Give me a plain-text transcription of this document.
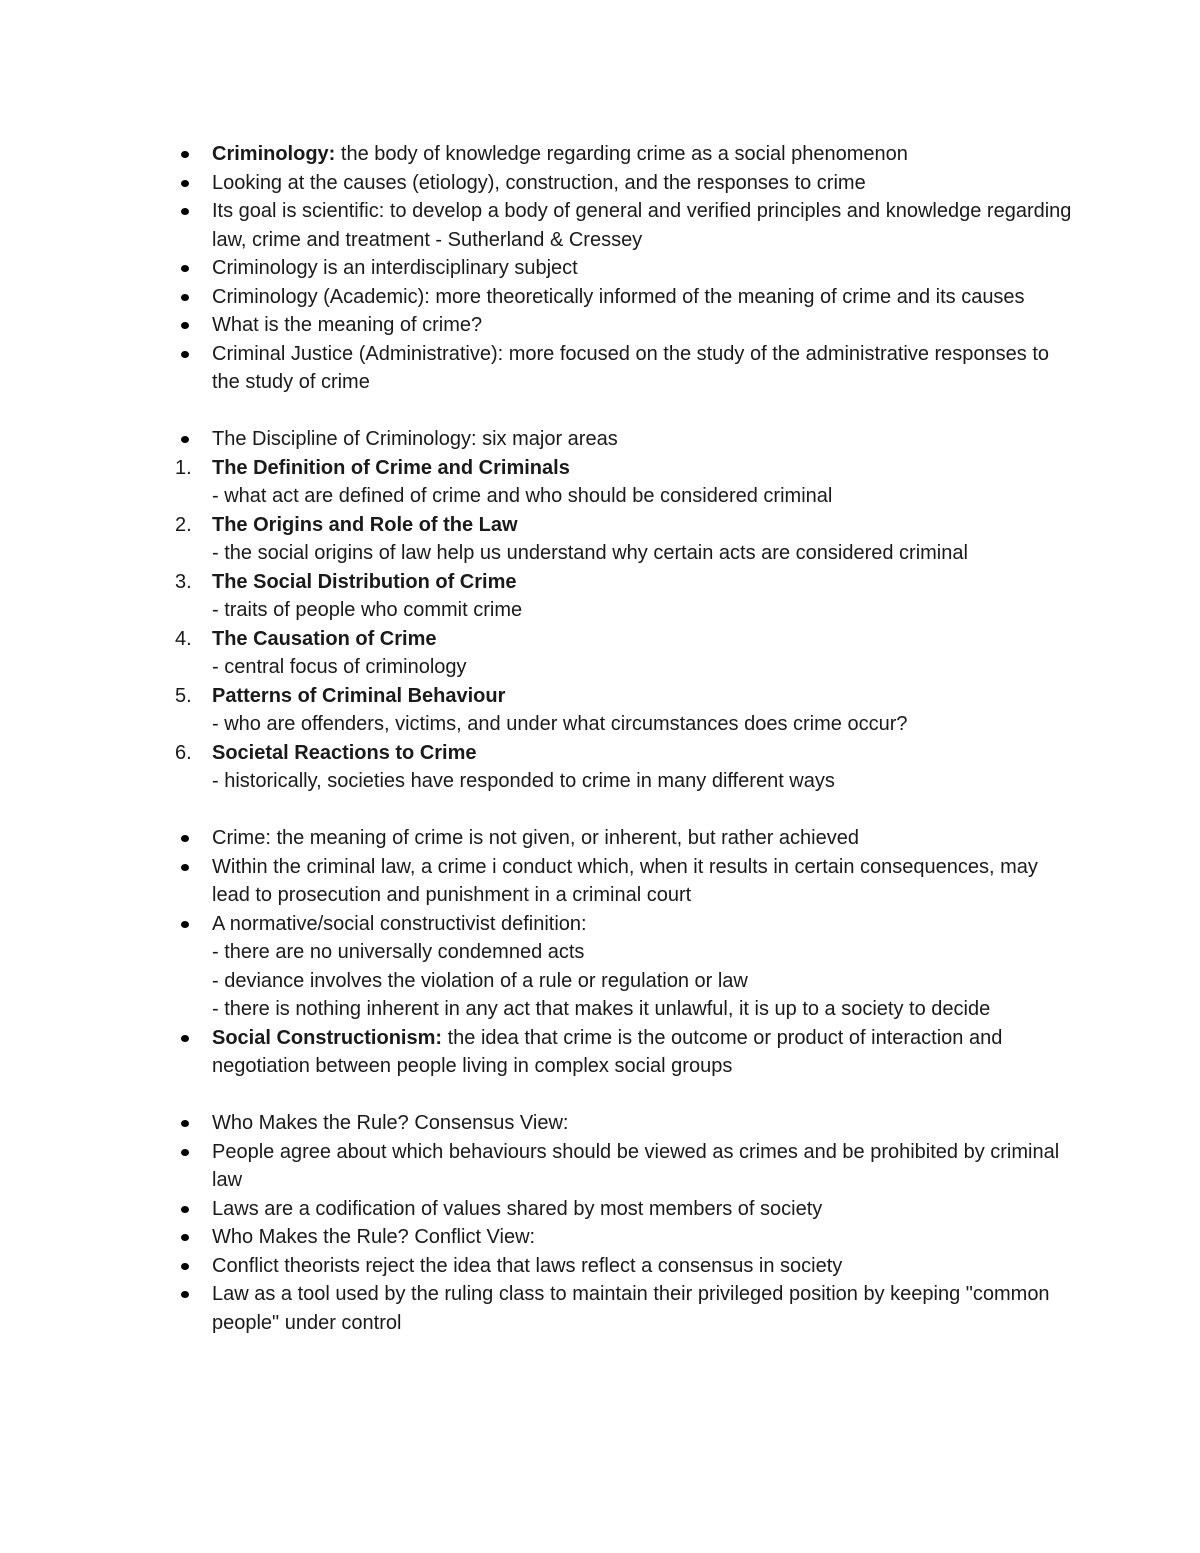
Criminology: the body of knowledge regarding crime as a social phenomenon
Looking at the causes (etiology), construction, and the responses to crime
Its goal is scientific: to develop a body of general and verified principles and knowledge regarding law, crime and treatment - Sutherland & Cressey
Criminology is an interdisciplinary subject
Criminology (Academic): more theoretically informed of the meaning of crime and its causes
What is the meaning of crime?
Criminal Justice (Administrative): more focused on the study of the administrative responses to the study of crime
The Discipline of Criminology: six major areas
1. The Definition of Crime and Criminals
- what act are defined of crime and who should be considered criminal
2. The Origins and Role of the Law
- the social origins of law help us understand why certain acts are considered criminal
3. The Social Distribution of Crime
- traits of people who commit crime
4. The Causation of Crime
- central focus of criminology
5. Patterns of Criminal Behaviour
- who are offenders, victims, and under what circumstances does crime occur?
6. Societal Reactions to Crime
- historically, societies have responded to crime in many different ways
Crime: the meaning of crime is not given, or inherent, but rather achieved
Within the criminal law, a crime i conduct which, when it results in certain consequences, may lead to prosecution and punishment in a criminal court
A normative/social constructivist definition:
- there are no universally condemned acts
- deviance involves the violation of a rule or regulation or law
- there is nothing inherent in any act that makes it unlawful, it is up to a society to decide
Social Constructionism: the idea that crime is the outcome or product of interaction and negotiation between people living in complex social groups
Who Makes the Rule? Consensus View:
People agree about which behaviours should be viewed as crimes and be prohibited by criminal law
Laws are a codification of values shared by most members of society
Who Makes the Rule? Conflict View:
Conflict theorists reject the idea that laws reflect a consensus in society
Law as a tool used by the ruling class to maintain their privileged position by keeping "common people" under control
